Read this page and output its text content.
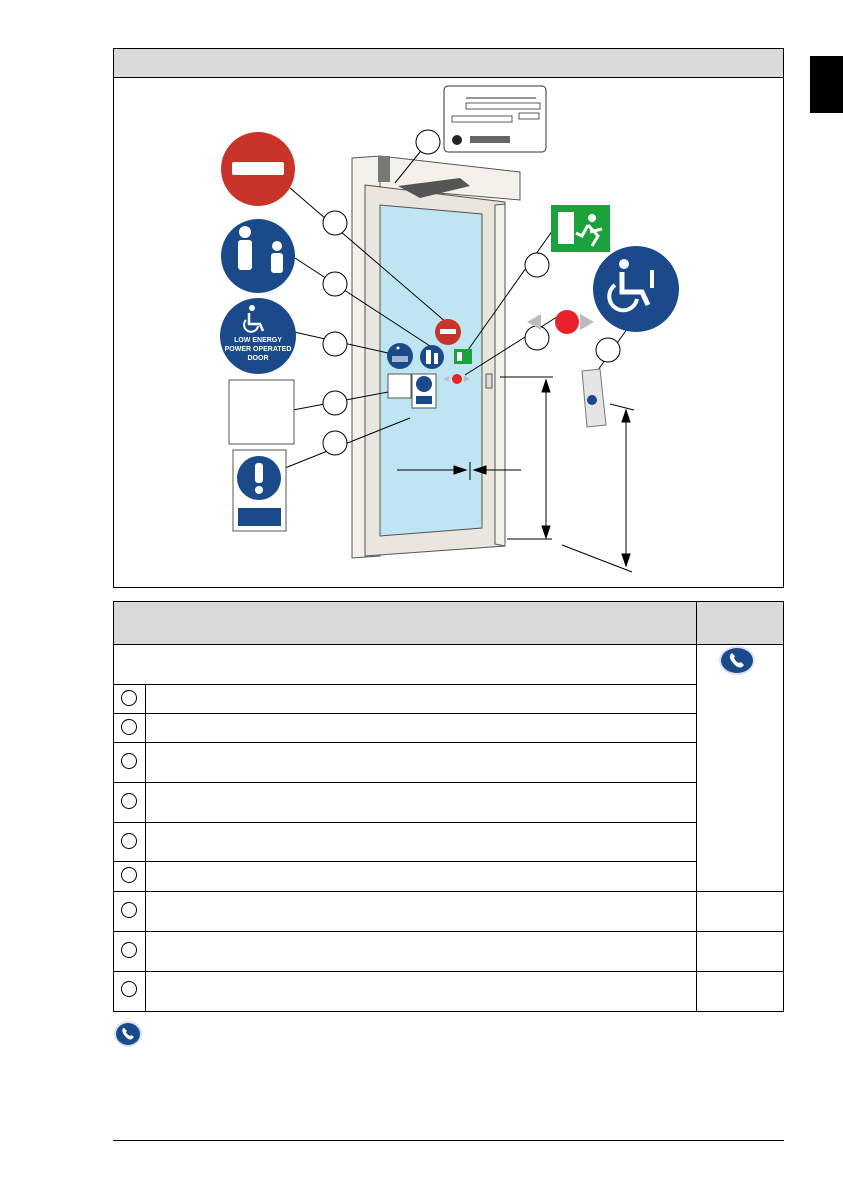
LOW ENERGY
POWER OPERATED
DOOR
